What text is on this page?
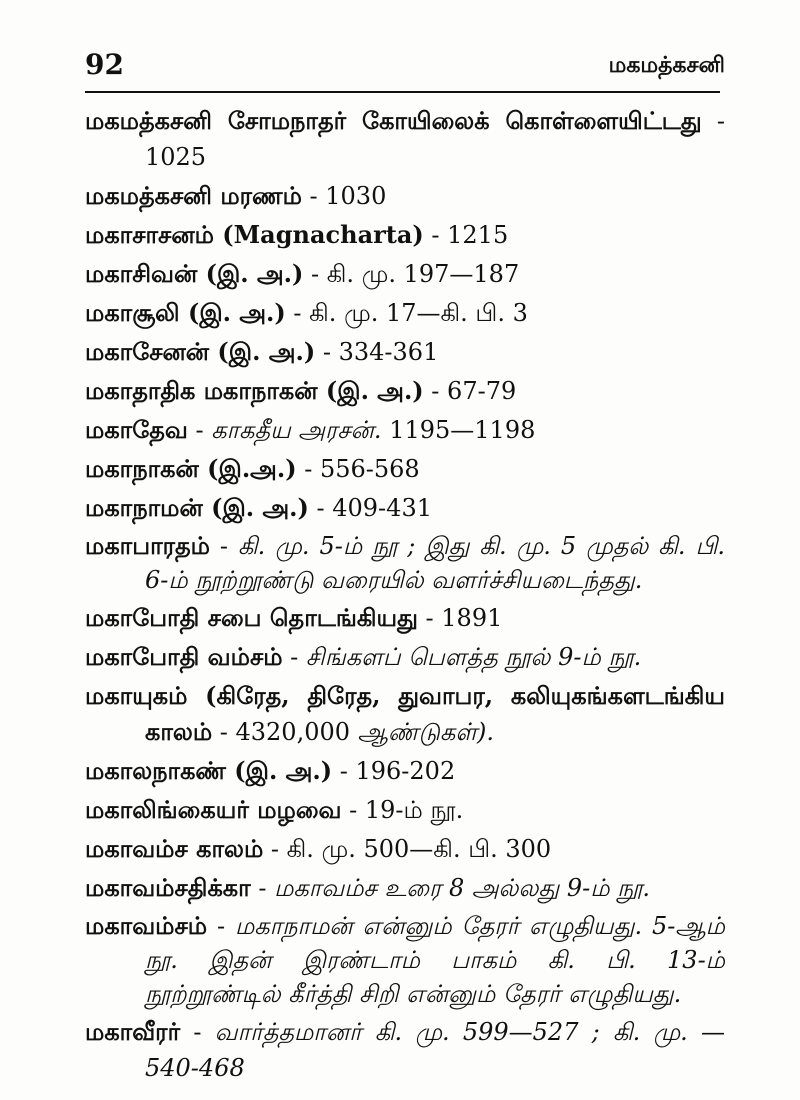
92	மகமத்கசனி
மகமத்கசனி சோமநாதர் கோயிலைக் கொள்ளையிட்டது - 1025
மகமத்கசனி மரணம் - 1030
மகாசாசனம் (Magnacharta) - 1215
மகாசிவன் (இ. அ.) - கி. மு. 197—187
மகாசூலி (இ. அ.) - கி. மு. 17—கி. பி. 3
மகாசேனன் (இ. அ.) - 334-361
மகாதாதிக மகாநாகன் (இ. அ.) - 67-79
மகாதேவ - காகதீய அரசன். 1195—1198
மகாநாகன் (இ.அ.) - 556-568
மகாநாமன் (இ. அ.) - 409-431
மகாபாரதம் - கி. மு. 5-ம் நூ ; இது கி. மு. 5 முதல் கி. பி. 6-ம் நூற்றூண்டு வரையில் வளர்ச்சியடைந்தது.
மகாபோதி சபை தொடங்கியது - 1891
மகாபோதி வம்சம் - சிங்களப் பௌத்த நூல் 9-ம் நூ.
மகாயுகம் (கிரேத, திரேத, துவாபர, கலியுகங்களடங்கிய காலம் - 4320,000 ஆண்டுகள்).
மகாலநாகண் (இ. அ.) - 196-202
மகாலிங்கையர் மழவை - 19-ம் நூ.
மகாவம்ச காலம் - கி. மு. 500—கி. பி. 300
மகாவம்சதிக்கா - மகாவம்ச உரை 8 அல்லது 9-ம் நூ.
மகாவம்சம் - மகாநாமன் என்னும் தேரர் எழுதியது. 5-ஆம் நூ. இதன் இரண்டாம் பாகம் கி. பி. 13-ம் நூற்றூண்டில் கீர்த்தி சிறி என்னும் தேரர் எழுதியது.
மகாவீரர் - வார்த்தமானர் கி. மு. 599—527 ; கி. மு. —540-468
